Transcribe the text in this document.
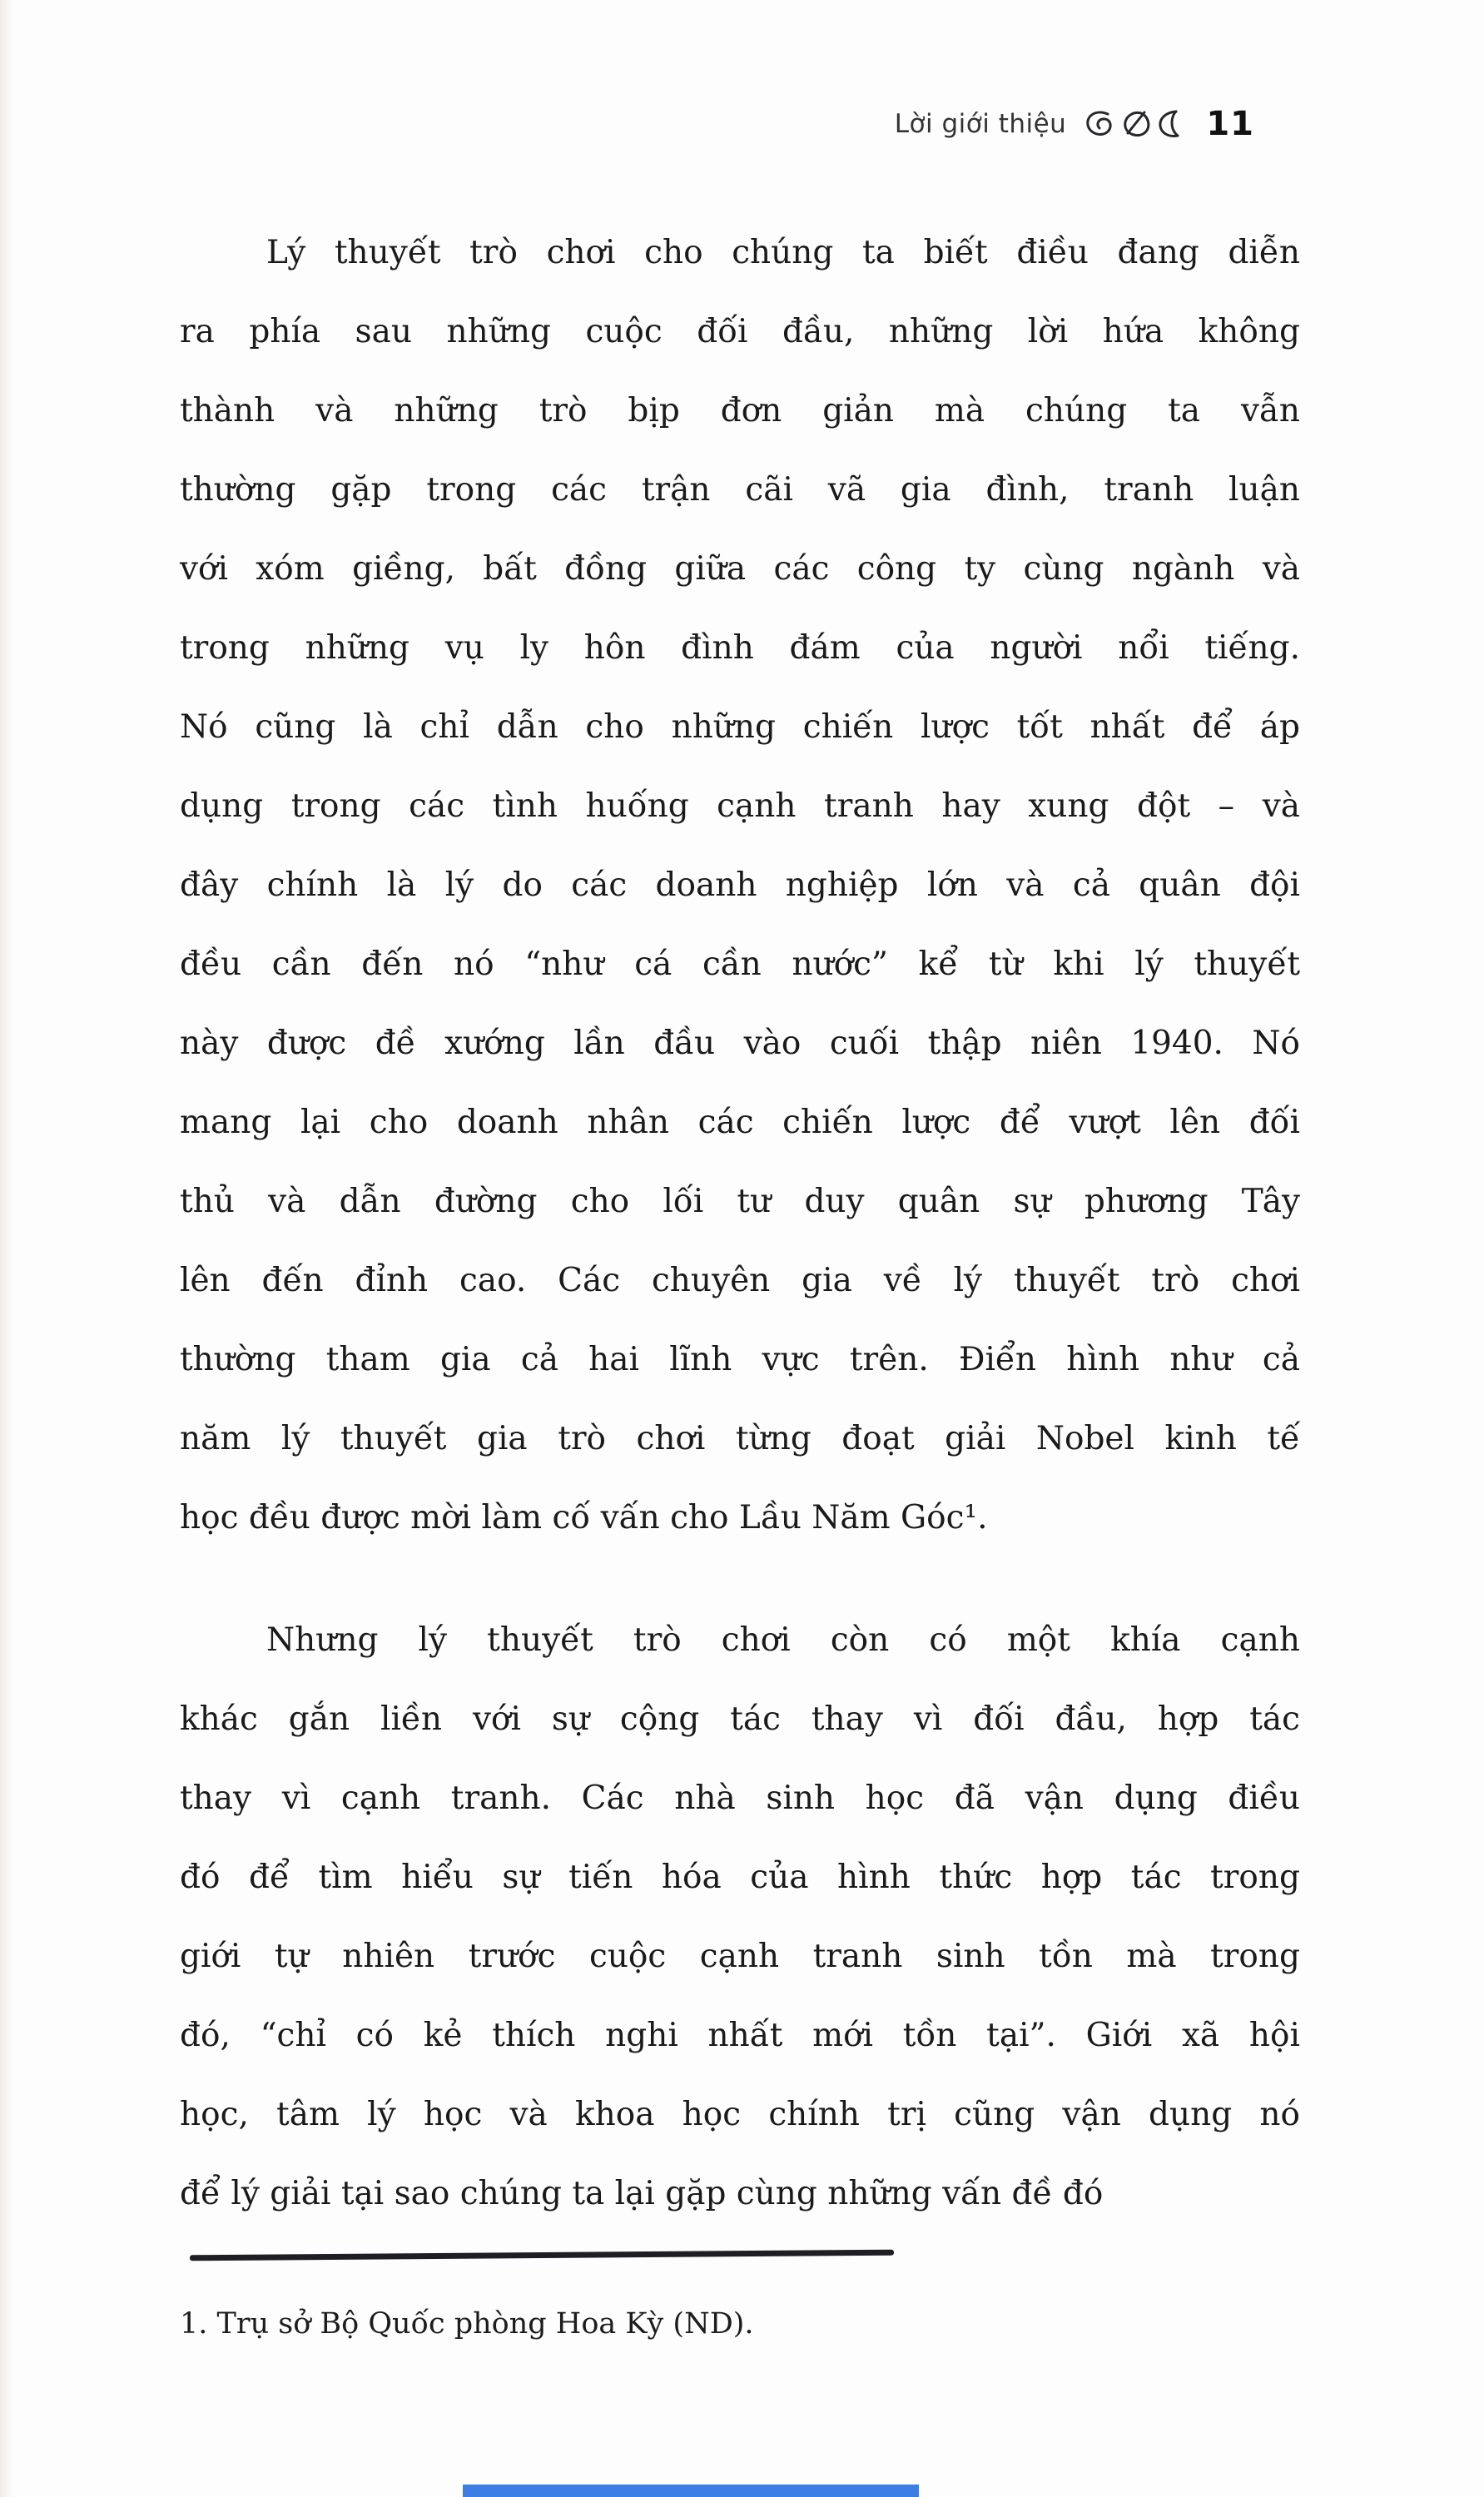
Lời giới thiệu	11
Lý thuyết trò chơi cho chúng ta biết điều đang diễn
ra phía sau những cuộc đối đầu, những lời hứa không
thành và những trò bịp đơn giản mà chúng ta vẫn
thường gặp trong các trận cãi vã gia đình, tranh luận
với xóm giềng, bất đồng giữa các công ty cùng ngành và
trong những vụ ly hôn đình đám của người nổi tiếng.
Nó cũng là chỉ dẫn cho những chiến lược tốt nhất để áp
dụng trong các tình huống cạnh tranh hay xung đột – và
đây chính là lý do các doanh nghiệp lớn và cả quân đội
đều cần đến nó “như cá cần nước” kể từ khi lý thuyết
này được đề xướng lần đầu vào cuối thập niên 1940. Nó
mang lại cho doanh nhân các chiến lược để vượt lên đối
thủ và dẫn đường cho lối tư duy quân sự phương Tây
lên đến đỉnh cao. Các chuyên gia về lý thuyết trò chơi
thường tham gia cả hai lĩnh vực trên. Điển hình như cả
năm lý thuyết gia trò chơi từng đoạt giải Nobel kinh tế
học đều được mời làm cố vấn cho Lầu Năm Góc¹.
Nhưng lý thuyết trò chơi còn có một khía cạnh
khác gắn liền với sự cộng tác thay vì đối đầu, hợp tác
thay vì cạnh tranh. Các nhà sinh học đã vận dụng điều
đó để tìm hiểu sự tiến hóa của hình thức hợp tác trong
giới tự nhiên trước cuộc cạnh tranh sinh tồn mà trong
đó, “chỉ có kẻ thích nghi nhất mới tồn tại”. Giới xã hội
học, tâm lý học và khoa học chính trị cũng vận dụng nó
để lý giải tại sao chúng ta lại gặp cùng những vấn đề đó
1. Trụ sở Bộ Quốc phòng Hoa Kỳ (ND).
